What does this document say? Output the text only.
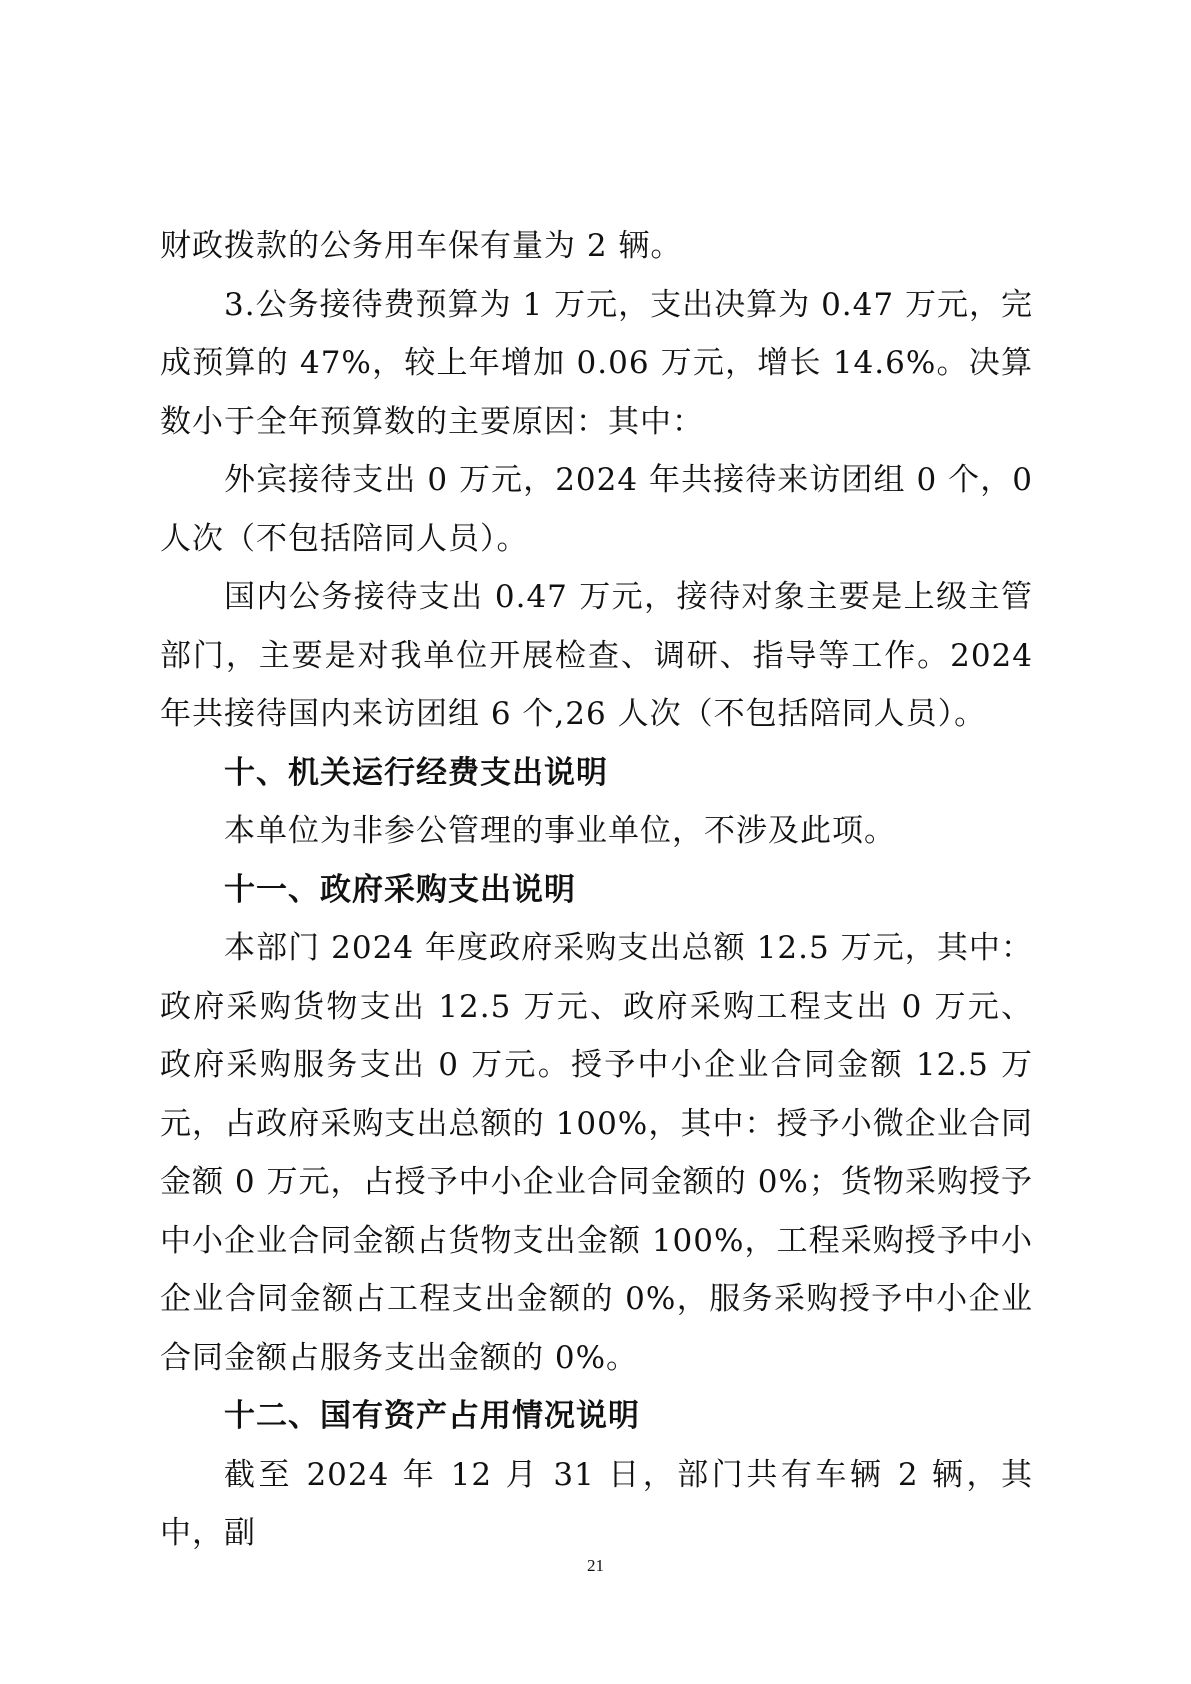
财政拨款的公务用车保有量为 2 辆。

3.公务接待费预算为 1 万元，支出决算为 0.47 万元，完成预算的 47%，较上年增加 0.06 万元，增长 14.6%。决算数小于全年预算数的主要原因：其中：

外宾接待支出 0 万元，2024 年共接待来访团组 0 个，0 人次（不包括陪同人员）。

国内公务接待支出 0.47 万元，接待对象主要是上级主管部门，主要是对我单位开展检查、调研、指导等工作。2024 年共接待国内来访团组 6 个,26 人次（不包括陪同人员）。

十、机关运行经费支出说明

本单位为非参公管理的事业单位，不涉及此项。

十一、政府采购支出说明

本部门 2024 年度政府采购支出总额 12.5 万元，其中：政府采购货物支出 12.5 万元、政府采购工程支出 0 万元、政府采购服务支出 0 万元。授予中小企业合同金额 12.5 万元，占政府采购支出总额的 100%，其中：授予小微企业合同金额 0 万元，占授予中小企业合同金额的 0%；货物采购授予中小企业合同金额占货物支出金额 100%，工程采购授予中小企业合同金额占工程支出金额的 0%，服务采购授予中小企业合同金额占服务支出金额的 0%。

十二、国有资产占用情况说明

截至 2024 年 12 月 31 日，部门共有车辆 2 辆，其中，副

21
